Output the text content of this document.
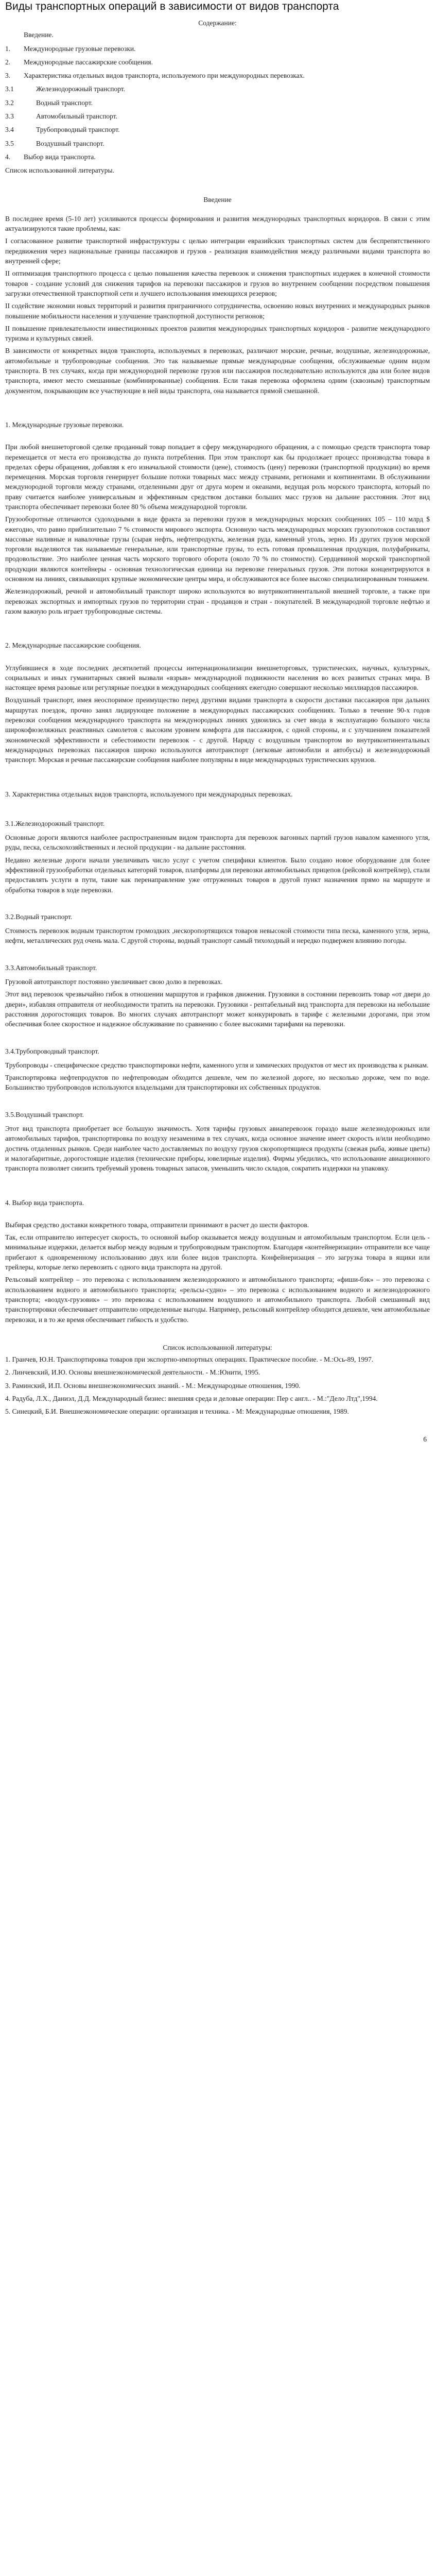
Виды транспортных операций в зависимости от видов транспорта
Содержание:
Введение.
1. Междунородные грузовые перевозки.
2. Междунородные пассажирские сообщения.
3. Характеристика отдельных видов транспорта, используемого при междунородных перевозках.
3.1	Железнодорожный транспорт.
3.2	Водный транспорт.
3.3	Автомобильный транспорт.
3.4	Трубопроводный транспорт.
3.5	Воздушный транспорт.
4. Выбор вида транспорта.
Список использованной литературы.
Введение

В последнее время (5-10 лет) усиливаются процессы формирования и развития междунородных транспортных коридоров. В связи с этим актуализируются такие проблемы, как:

I согласованное развитие транспортной инфраструктуры с целью интеграции евразийских транспортных систем для беспрепятственного передвижения через национальные границы пассажиров и грузов - реализация взаимодействия между различными видами транспорта во внутренней сфере;

II оптимизация транспортного процесса с целью повышения качества перевозок и снижения транспортных издержек в конечной стоимости товаров - создание условий для снижения тарифов на перевозки пассажиров и грузов во внутреннем сообщении посредством повышения загрузки отечественной транспортной сети и лучшего использования имеющихся резервов;

II содействие экономии новых территорий и развития приграничного сотрудничества, освоению новых внутренних и международных рынков повышение мобильности населения и улучшение транспортной доступности регионов;

II повышение привлекательности инвестиционных проектов развития междунородных транспортных коридоров - развитие международного туризма и культурных связей.

В зависимости от конкретных видов транспорта, используемых в перевозках, различают морские, речные, воздушные, железнодорожные, автомобильные и трубопроводные сообщения. Это так называемые прямые международные сообщения, обслуживаемые одним видом транспорта. В тех случаях, когда при междунородной перевозке грузов или пассажиров последовательно используются два или более видов транспорта, имеют место смешанные (комбинированные) сообщения. Если такая перевозка оформлена одним (сквозным) транспортным документом, покрывающим все участвующие в ней виды транспорта, она называется прямой смешанной.

1. Международные грузовые перевозки.

При любой внешнеторговой сделке проданный товар попадает в сферу международного обращения, а с помощью средств транспорта товар перемещается от места его производства до пункта потребления. При этом транспорт как бы продолжает процесс производства товара в пределах сферы обращения, добавляя к его изначальной стоимости (цене), стоимость (цену) перевозки (транспортной продукции) во время перемещения. Морская торговля генерирует большие потоки товарных масс между странами, регионами и континентами. В обслуживании междунородной торговли между странами, отделенными друг от друга морем и океанами, ведущая роль морского транспорта, который по праву считается наиболее универсальным и эффективным средством доставки больших масс грузов на дальние расстояния. Этот вид транспорта обеспечивает перевозки более 80 % объема международной торговли.

Грузооборотные отличаются судоходными в виде фракта за перевозки грузов в международных морских сообщениях 105 – 110 млрд $ ежегодно, что равно приблизительно 7 % стоимости мирового экспорта. Основную часть международных морских грузопотоков составляют массовые наливные и навалочные грузы (сырая нефть, нефтепродукты, железная руда, каменный уголь, зерно. Из других грузов морской торговли выделяются так называемые генеральные, или транспортные грузы, то есть готовая промышленная продукция, полуфабрикаты, продовольствие. Это наиболее ценная часть морского торгового оборота (около 70 % по стоимости). Сердцевиной морской транспортной продукции являются контейнеры - основная технологическая единица на перевозке генеральных грузов. Эти потоки концентрируются в основном на линиях, связывающих крупные экономические центры мира, и обслуживаются все более высоко специализированным тоннажем.

Железнодорожный, речной и автомобильный транспорт широко используются во внутриконтинентальной внешней торговле, а также при перевозках экспортных и импортных грузов по территории стран - продавцов и стран - покупателей. В международной торговле нефтью и газом важную роль играет трубопроводные системы.

2. Международные пассажирские сообщения.

Углубившиеся в ходе последних десятилетий процессы интернационализации внешнеторговых, туристических, научных, культурных, социальных и иных гуманитарных связей вызвали «взрыв» международной подвижности населения во всех развитых странах мира. В настоящее время разовые или регулярные поездки в международных сообщениях ежегодно совершают несколько миллиардов пассажиров.

Воздушный транспорт, имея неоспоримое преимущество перед другими видами транспорта в скорости доставки пассажиров при дальних маршрутах поездок, прочно занял лидирующее положение в междунородных пассажирских сообщениях. Только в течение 90-х годов перевозки сообщения международного транспорта на междунородных линиях удвоились за счет ввода в эксплуатацию большого числа широкофюзеляжных реактивных самолетов с высоким уровнем комфорта для пассажиров, с одной стороны, и с улучшением показателей экономической эффективности и себестоимости перевозок - с другой. Наряду с воздушным транспортом во внутриконтинентальных международных перевозках пассажиров широко используются автотранспорт (легковые автомобили и автобусы) и железнодорожный транспорт. Морская и речные пассажирские сообщения наиболее популярны в виде международных туристических круизов.

3. Характеристика отдельных видов транспорта, используемого при международных перевозках.
3.1.Железнодорожный транспорт.

Основные дороги являются наиболее распространенным видом транспорта для перевозок вагонных партий грузов навалом каменного угля, руды, песка, сельскохозяйственных и лесной продукции - на дальние расстояния.

Недавно железные дороги начали увеличивать число услуг с учетом специфики клиентов. Было создано новое оборудование для более эффективной грузообработки отдельных категорий товаров, платформы для перевозки автомобильных прицепов (рейсовой контрейлер), стали предоставлять услуги в пути, такие как перенаправление уже отгруженных товаров в другой пункт назначения прямо на маршруте и обработка товаров в ходе перевозки.

3.2.Водный транспорт.

Стоимость перевозок водным транспортом громоздких ,нескоропортящихся товаров невысокой стоимости типа песка, каменного угля, зерна, нефти, металлических руд очень мала. С другой стороны, водный транспорт самый тихоходный и нередко подвержен влиянию погоды.

3.3.Автомобильный транспорт.

Грузовой автотранспорт постоянно увеличивает свою долю в перевозках.

Этот вид перевозок чрезвычайно гибок в отношении маршрутов и графиков движения. Грузовики в состоянии перевозить товар «от двери до двери», избавляя отправителя от необходимости тратить на перевозки. Грузовики - рентабельный вид транспорта для перевозки на небольшие расстояния дорогостоящих товаров. Во многих случаях автотранспорт может конкурировать в тарифе с железными дорогами, при этом обеспечивая более скоростное и надежное обслуживание по сравнению с более высокими тарифами на перевозки.

3.4.Трубопроводный транспорт.

Трубопроводы - специфическое средство транспортировки нефти, каменного угля и химических продуктов от мест их производства к рынкам.

Транспортировка нефтепродуктов по нефтепроводам обходится дешевле, чем по железной дороге, но несколько дороже, чем по воде. Большинство трубопроводов используются владельцами для транспортировки их собственных продуктов.

3.5.Воздушный транспорт.

Этот вид транспорта приобретает все большую значимость. Хотя тарифы грузовых авиаперевозок гораздо выше железнодорожных или автомобильных тарифов, транспортировка по воздуху незаменима в тех случаях, когда основное значение имеет скорость и/или необходимо достичь отдаленных рынков. Среди наиболее часто доставляемых по воздуху грузов скоропортящиеся продукты (свежая рыба, живые цветы) и малогабаритные, дорогостоящие изделия (технические приборы, ювелирные изделия). Фирмы убедились, что использование авиационного транспорта позволяет снизить требуемый уровень товарных запасов, уменьшить число складов, сократить издержки на упаковку.

4. Выбор вида транспорта.

Выбирая средство доставки конкретного товара, отправители принимают в расчет до шести факторов.

Так, если отправителю интересует скорость, то основной выбор оказывается между воздушным и автомобильным транспортом. Если цель - минимальные издержки, делается выбор между водным и трубопроводным транспортом. Благодаря «контейнеризации» отправители все чаще прибегают к одновременному использованию двух или более видов транспорта. Конфейнеризация – это загрузка товара в ящики или трейлеры, которые легко перевозить с одного вида транспорта на другой.

Рельсовый контрейлер – это перевозка с использованием железнодорожного и автомобильного транспорта; «фиши-бэк» – это перевозка с использованием водного и автомобильного транспорта; «рельсы-судно» – это перевозка с использованием водного и железнодорожного транспорта; «воздух-грузовик» – это перевозка с использованием воздушного и автомобильного транспорта. Любой смешанный вид транспортировки обеспечивает отправителю определенные выгоды. Например, рельсовый контрейлер обходится дешевле, чем автомобильные перевозки, и в то же время обеспечивает гибкость и удобство.

Список использованной литературы:
1. Гранчев, Ю.Н. Транспортировка товаров при экспортно-импортных операциях. Практическое пособие. - М.:Ось-89, 1997.
2. Линчевский, И.Ю. Основы внешнеэкономической деятельности. - М.:Юнити, 1995.
3. Раминский, И.П. Основы внешнеэкономических знаний. - М.: Международные отношения, 1990.
4. Радуба, Л.Х., Даниэл, Д.Д. Международный бизнес: внешняя среда и деловые операции: Пер с англ.. - М.:"Дело Лтд",1994.
5. Синецкий, Б.И. Внешнеэкономические операции: организация и техника. - М: Международные отношения, 1989.
6
